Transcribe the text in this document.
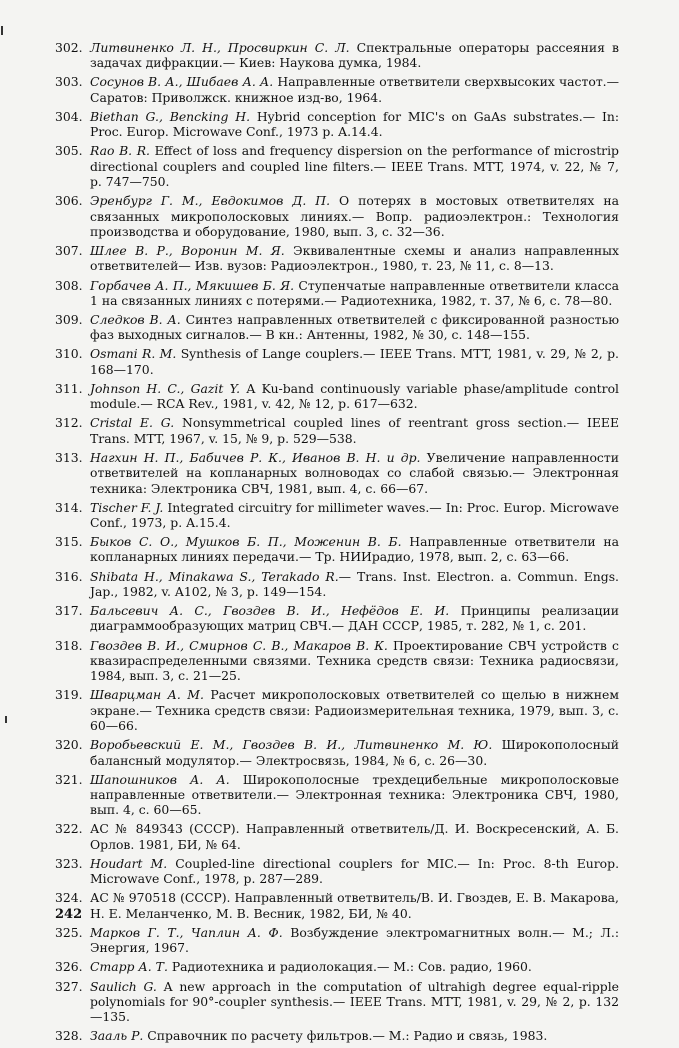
302. Литвиненко Л. Н., Просвиркин С. Л. Спектральные операторы рассеяния в задачах дифракции.— Киев: Наукова думка, 1984.
303. Сосунов В. А., Шибаев А. А. Направленные ответвители сверхвысоких частот.— Саратов: Приволжск. книжное изд-во, 1964.
304. Biethan G., Bencking H. Hybrid conception for MIC's on GaAs substrates.— In: Proc. Europ. Microwave Conf., 1973 p. A.14.4.
305. Rao B. R. Effect of loss and frequency dispersion on the performance of microstrip directional couplers and coupled line filters.— IEEE Trans. MTT, 1974, v. 22, № 7, p. 747—750.
306. Эренбург Г. М., Евдокимов Д. П. О потерях в мостовых ответвителях на связанных микрополосковых линиях.— Вопр. радиоэлектрон.: Технология производства и оборудование, 1980, вып. 3, с. 32—36.
307. Шлее В. Р., Воронин М. Я. Эквивалентные схемы и анализ направленных ответвителей— Изв. вузов: Радиоэлектрон., 1980, т. 23, № 11, с. 8—13.
308. Горбачев А. П., Мякишев Б. Я. Ступенчатые направленные ответвители класса 1 на связанных линиях с потерями.— Радиотехника, 1982, т. 37, № 6, с. 78—80.
309. Следков В. А. Синтез направленных ответвителей с фиксированной разностью фаз выходных сигналов.— В кн.: Антенны, 1982, № 30, с. 148—155.
310. Osmani R. M. Synthesis of Lange couplers.— IEEE Trans. MTT, 1981, v. 29, № 2, p. 168—170.
311. Johnson H. C., Gazit Y. A Ku-band continuously variable phase/amplitude control module.— RCA Rev., 1981, v. 42, № 12, p. 617—632.
312. Cristal E. G. Nonsymmetrical coupled lines of reentrant gross section.— IEEE Trans. MTT, 1967, v. 15, № 9, p. 529—538.
313. Нагхин Н. П., Бабичев Р. К., Иванов В. Н. и др. Увеличение направленности ответвителей на копланарных волноводах со слабой связью.— Электронная техника: Электроника СВЧ, 1981, вып. 4, с. 66—67.
314. Tischer F. J. Integrated circuitry for millimeter waves.— In: Proc. Europ. Microwave Conf., 1973, p. A.15.4.
315. Быков С. О., Мушков Б. П., Моженин В. Б. Направленные ответвители на копланарных линиях передачи.— Тр. НИИрадио, 1978, вып. 2, с. 63—66.
316. Shibata H., Minakawa S., Terakado R.— Trans. Inst. Electron. a. Commun. Engs. Jap., 1982, v. A102, № 3, p. 149—154.
317. Бальсевич А. С., Гвоздев В. И., Нефёдов Е. И. Принципы реализации диаграммообразующих матриц СВЧ.— ДАН СССР, 1985, т. 282, № 1, с. 201.
318. Гвоздев В. И., Смирнов С. В., Макаров В. К. Проектирование СВЧ устройств с квазираспределенными связями. Техника средств связи: Техника радиосвязи, 1984, вып. 3, с. 21—25.
319. Шварцман А. М. Расчет микрополосковых ответвителей со щелью в нижнем экране.— Техника средств связи: Радиоизмерительная техника, 1979, вып. 3, с. 60—66.
320. Воробьевский Е. М., Гвоздев В. И., Литвиненко М. Ю. Широкополосный балансный модулятор.— Электросвязь, 1984, № 6, с. 26—30.
321. Шапошников А. А. Широкополосные трехдецибельные микрополосковые направленные ответвители.— Электронная техника: Электроника СВЧ, 1980, вып. 4, с. 60—65.
322. АС № 849343 (СССР). Направленный ответвитель/Д. И. Воскресенский, А. Б. Орлов. 1981, БИ, № 64.
323. Houdart M. Coupled-line directional couplers for MIC.— In: Proc. 8-th Europ. Microwave Conf., 1978, p. 287—289.
324. АС № 970518 (СССР). Направленный ответвитель/В. И. Гвоздев, Е. В. Макарова, Н. Е. Меланченко, М. В. Весник, 1982, БИ, № 40.
325. Марков Г. Т., Чаплин А. Ф. Возбуждение электромагнитных волн.— М.; Л.: Энергия, 1967.
326. Стapp А. Т. Радиотехника и радиолокация.— М.: Сов. радио, 1960.
327. Saulich G. A new approach in the computation of ultrahigh degree equal-ripple polynomials for 90°-coupler synthesis.— IEEE Trans. MTT, 1981, v. 29, № 2, p. 132—135.
328. Зааль Р. Справочник по расчету фильтров.— М.: Радио и связь, 1983.
242
